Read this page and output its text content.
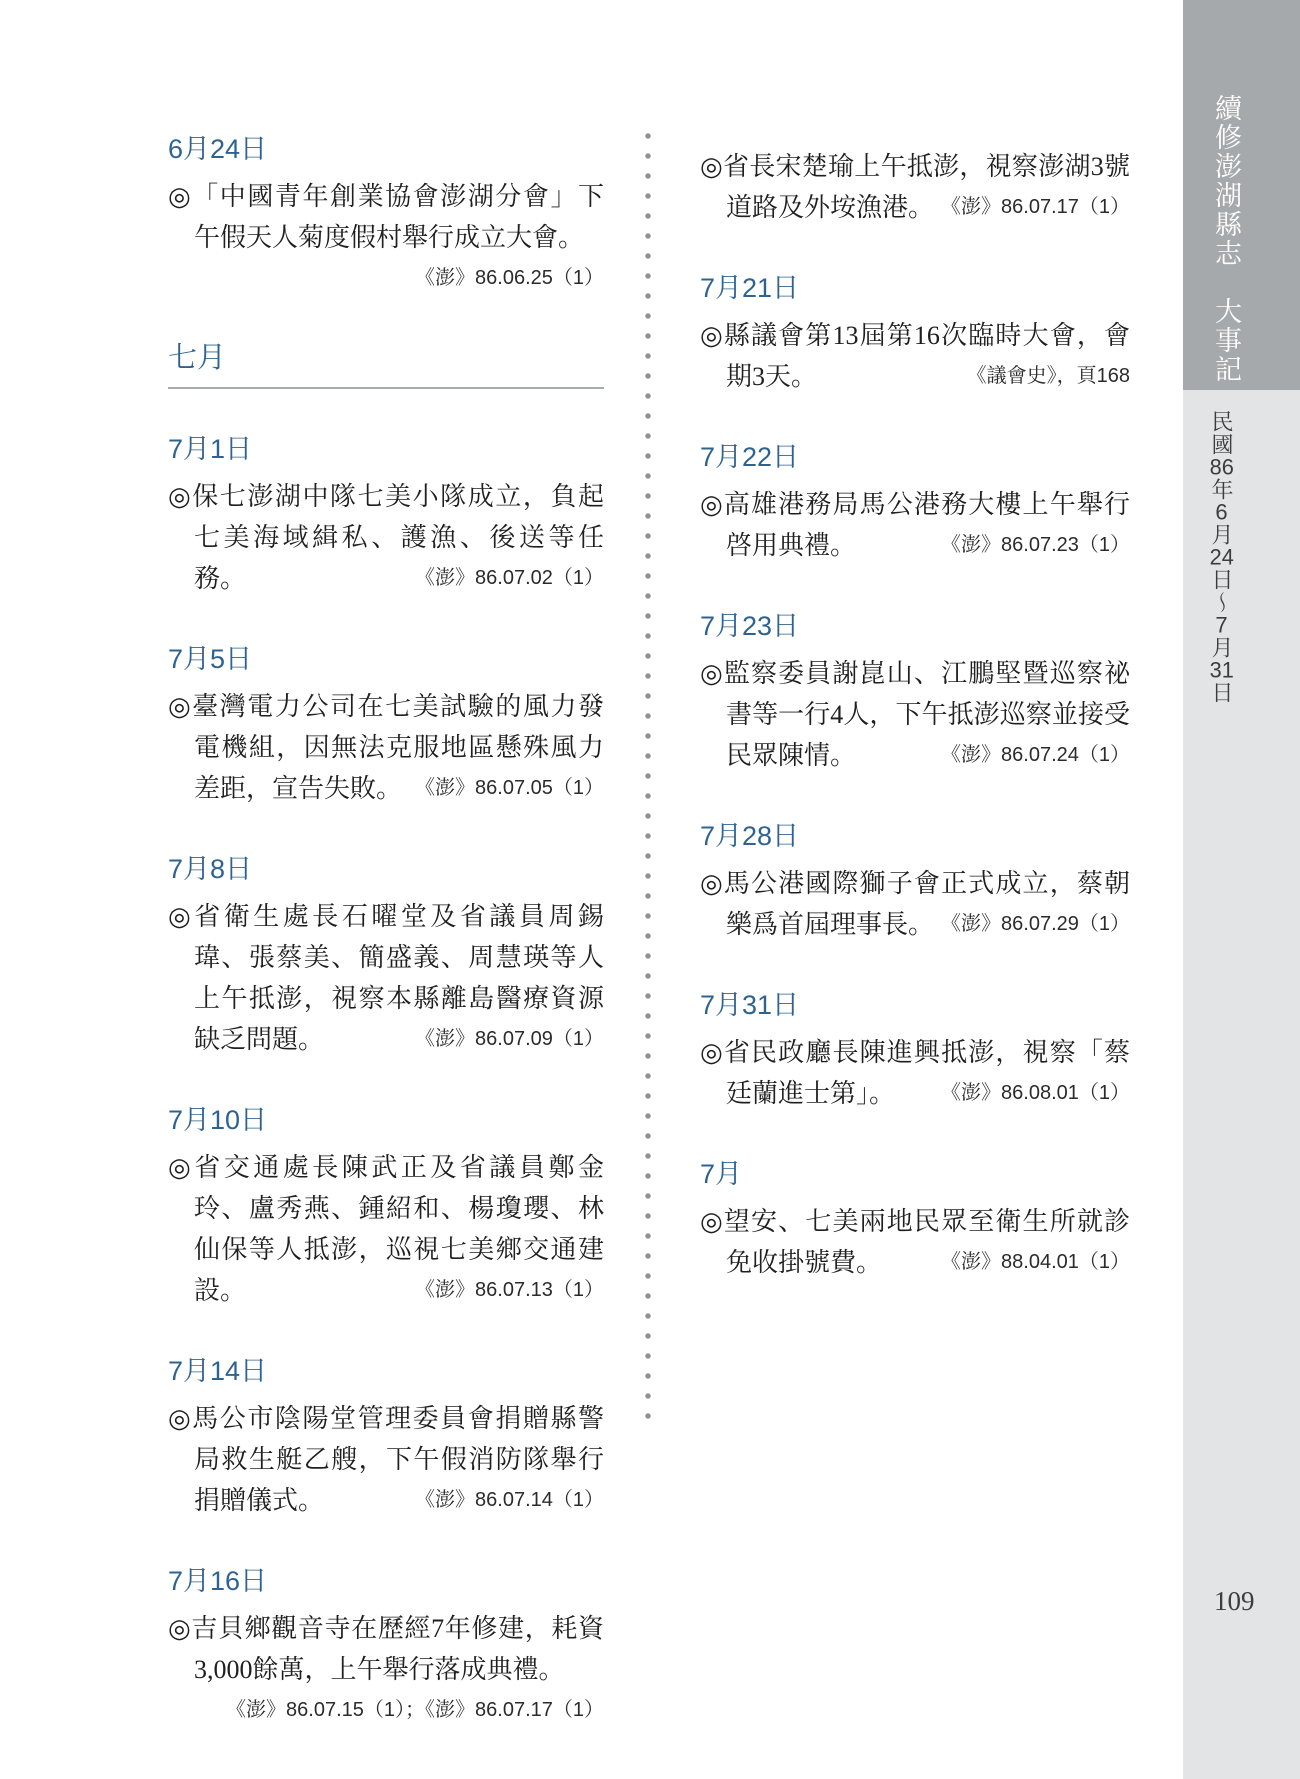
6月24日

◎「中國青年創業協會澎湖分會」下午假天人菊度假村舉行成立大會。
《澎》86.06.25（1）

七月
7月1日

◎保七澎湖中隊七美小隊成立，負起七美海域緝私、護漁、後送等任務。	《澎》86.07.02（1）

7月5日

◎臺灣電力公司在七美試驗的風力發電機組，因無法克服地區懸殊風力差距，宣告失敗。 《澎》86.07.05（1）

7月8日

◎省衛生處長石曜堂及省議員周錫瑋、張蔡美、簡盛義、周慧瑛等人上午抵澎，視察本縣離島醫療資源缺乏問題。	《澎》86.07.09（1）

7月10日

◎省交通處長陳武正及省議員鄭金玲、盧秀燕、鍾紹和、楊瓊瓔、林仙保等人抵澎，巡視七美鄉交通建設。	《澎》86.07.13（1）

7月14日

◎馬公市陰陽堂管理委員會捐贈縣警局救生艇乙艘，下午假消防隊舉行捐贈儀式。	《澎》86.07.14（1）

7月16日

◎吉貝鄉觀音寺在歷經7年修建，耗資3,000餘萬，上午舉行落成典禮。
《澎》86.07.15（1）；《澎》86.07.17（1）

◎省長宋楚瑜上午抵澎，視察澎湖3號道路及外垵漁港。 《澎》86.07.17（1）

7月21日

◎縣議會第13屆第16次臨時大會，會期3天。	《議會史》，頁168

7月22日

◎高雄港務局馬公港務大樓上午舉行啓用典禮。	《澎》86.07.23（1）

7月23日

◎監察委員謝崑山、江鵬堅暨巡察祕書等一行4人，下午抵澎巡察並接受民眾陳情。	《澎》86.07.24（1）

7月28日

◎馬公港國際獅子會正式成立，蔡朝樂爲首屆理事長。 《澎》86.07.29（1）

7月31日

◎省民政廳長陳進興抵澎，視察「蔡廷蘭進士第」。 《澎》86.08.01（1）

7月

◎望安、七美兩地民眾至衛生所就診免收掛號費。	《澎》88.04.01（1）

續修澎湖縣志　大事記
民國86年6月24日〜7月31日
109
